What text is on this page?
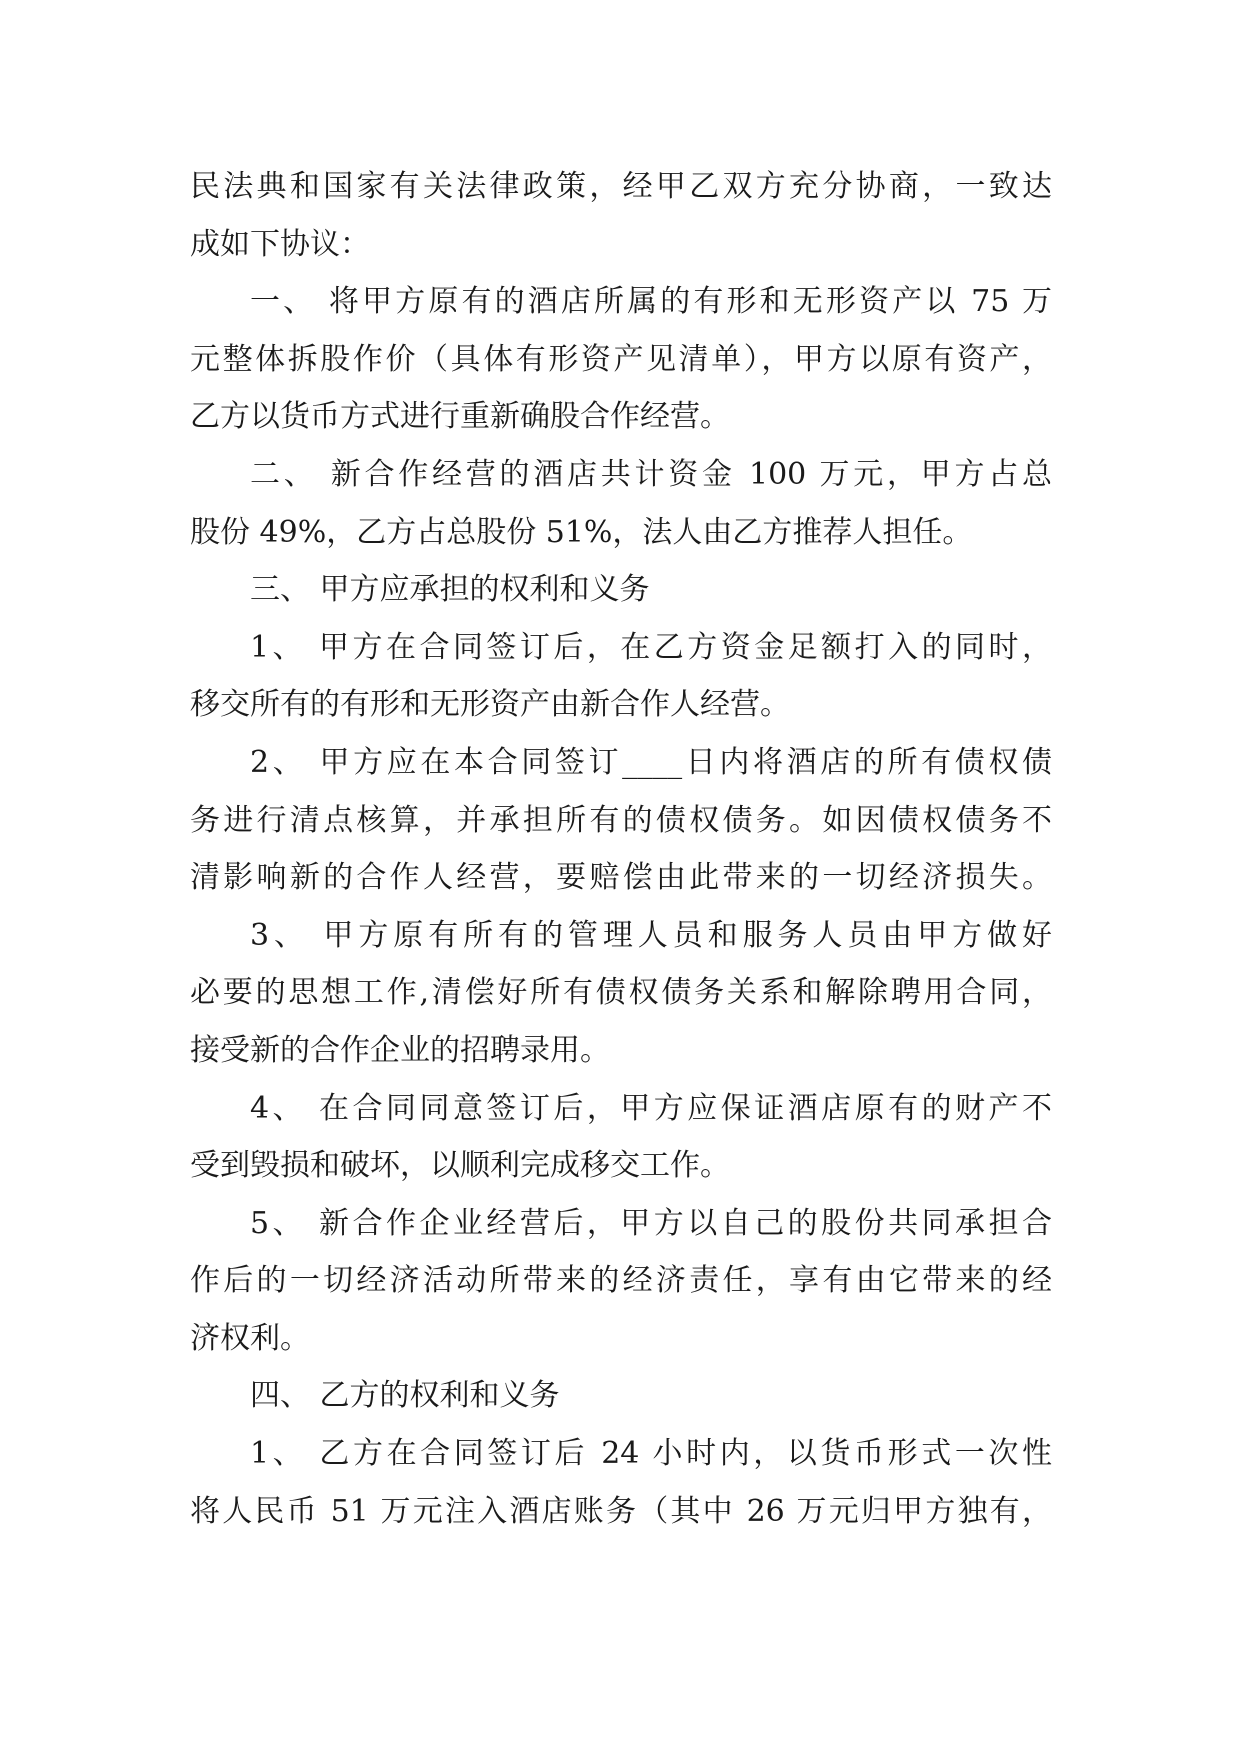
民法典和国家有关法律政策，经甲乙双方充分协商，一致达
成如下协议：
一、 将甲方原有的酒店所属的有形和无形资产以 75 万
元整体拆股作价（具体有形资产见清单），甲方以原有资产，
乙方以货币方式进行重新确股合作经营。
二、 新合作经营的酒店共计资金 100 万元，甲方占总
股份 49%，乙方占总股份 51%，法人由乙方推荐人担任。
三、 甲方应承担的权利和义务
1、 甲方在合同签订后，在乙方资金足额打入的同时，
移交所有的有形和无形资产由新合作人经营。
2、 甲方应在本合同签订____日内将酒店的所有债权债
务进行清点核算，并承担所有的债权债务。如因债权债务不
清影响新的合作人经营，要赔偿由此带来的一切经济损失。
3、 甲方原有所有的管理人员和服务人员由甲方做好
必要的思想工作,清偿好所有债权债务关系和解除聘用合同，
接受新的合作企业的招聘录用。
4、 在合同同意签订后，甲方应保证酒店原有的财产不
受到毁损和破坏，以顺利完成移交工作。
5、 新合作企业经营后，甲方以自己的股份共同承担合
作后的一切经济活动所带来的经济责任，享有由它带来的经
济权利。
四、 乙方的权利和义务
1、 乙方在合同签订后 24 小时内，以货币形式一次性
将人民币 51 万元注入酒店账务（其中 26 万元归甲方独有，
